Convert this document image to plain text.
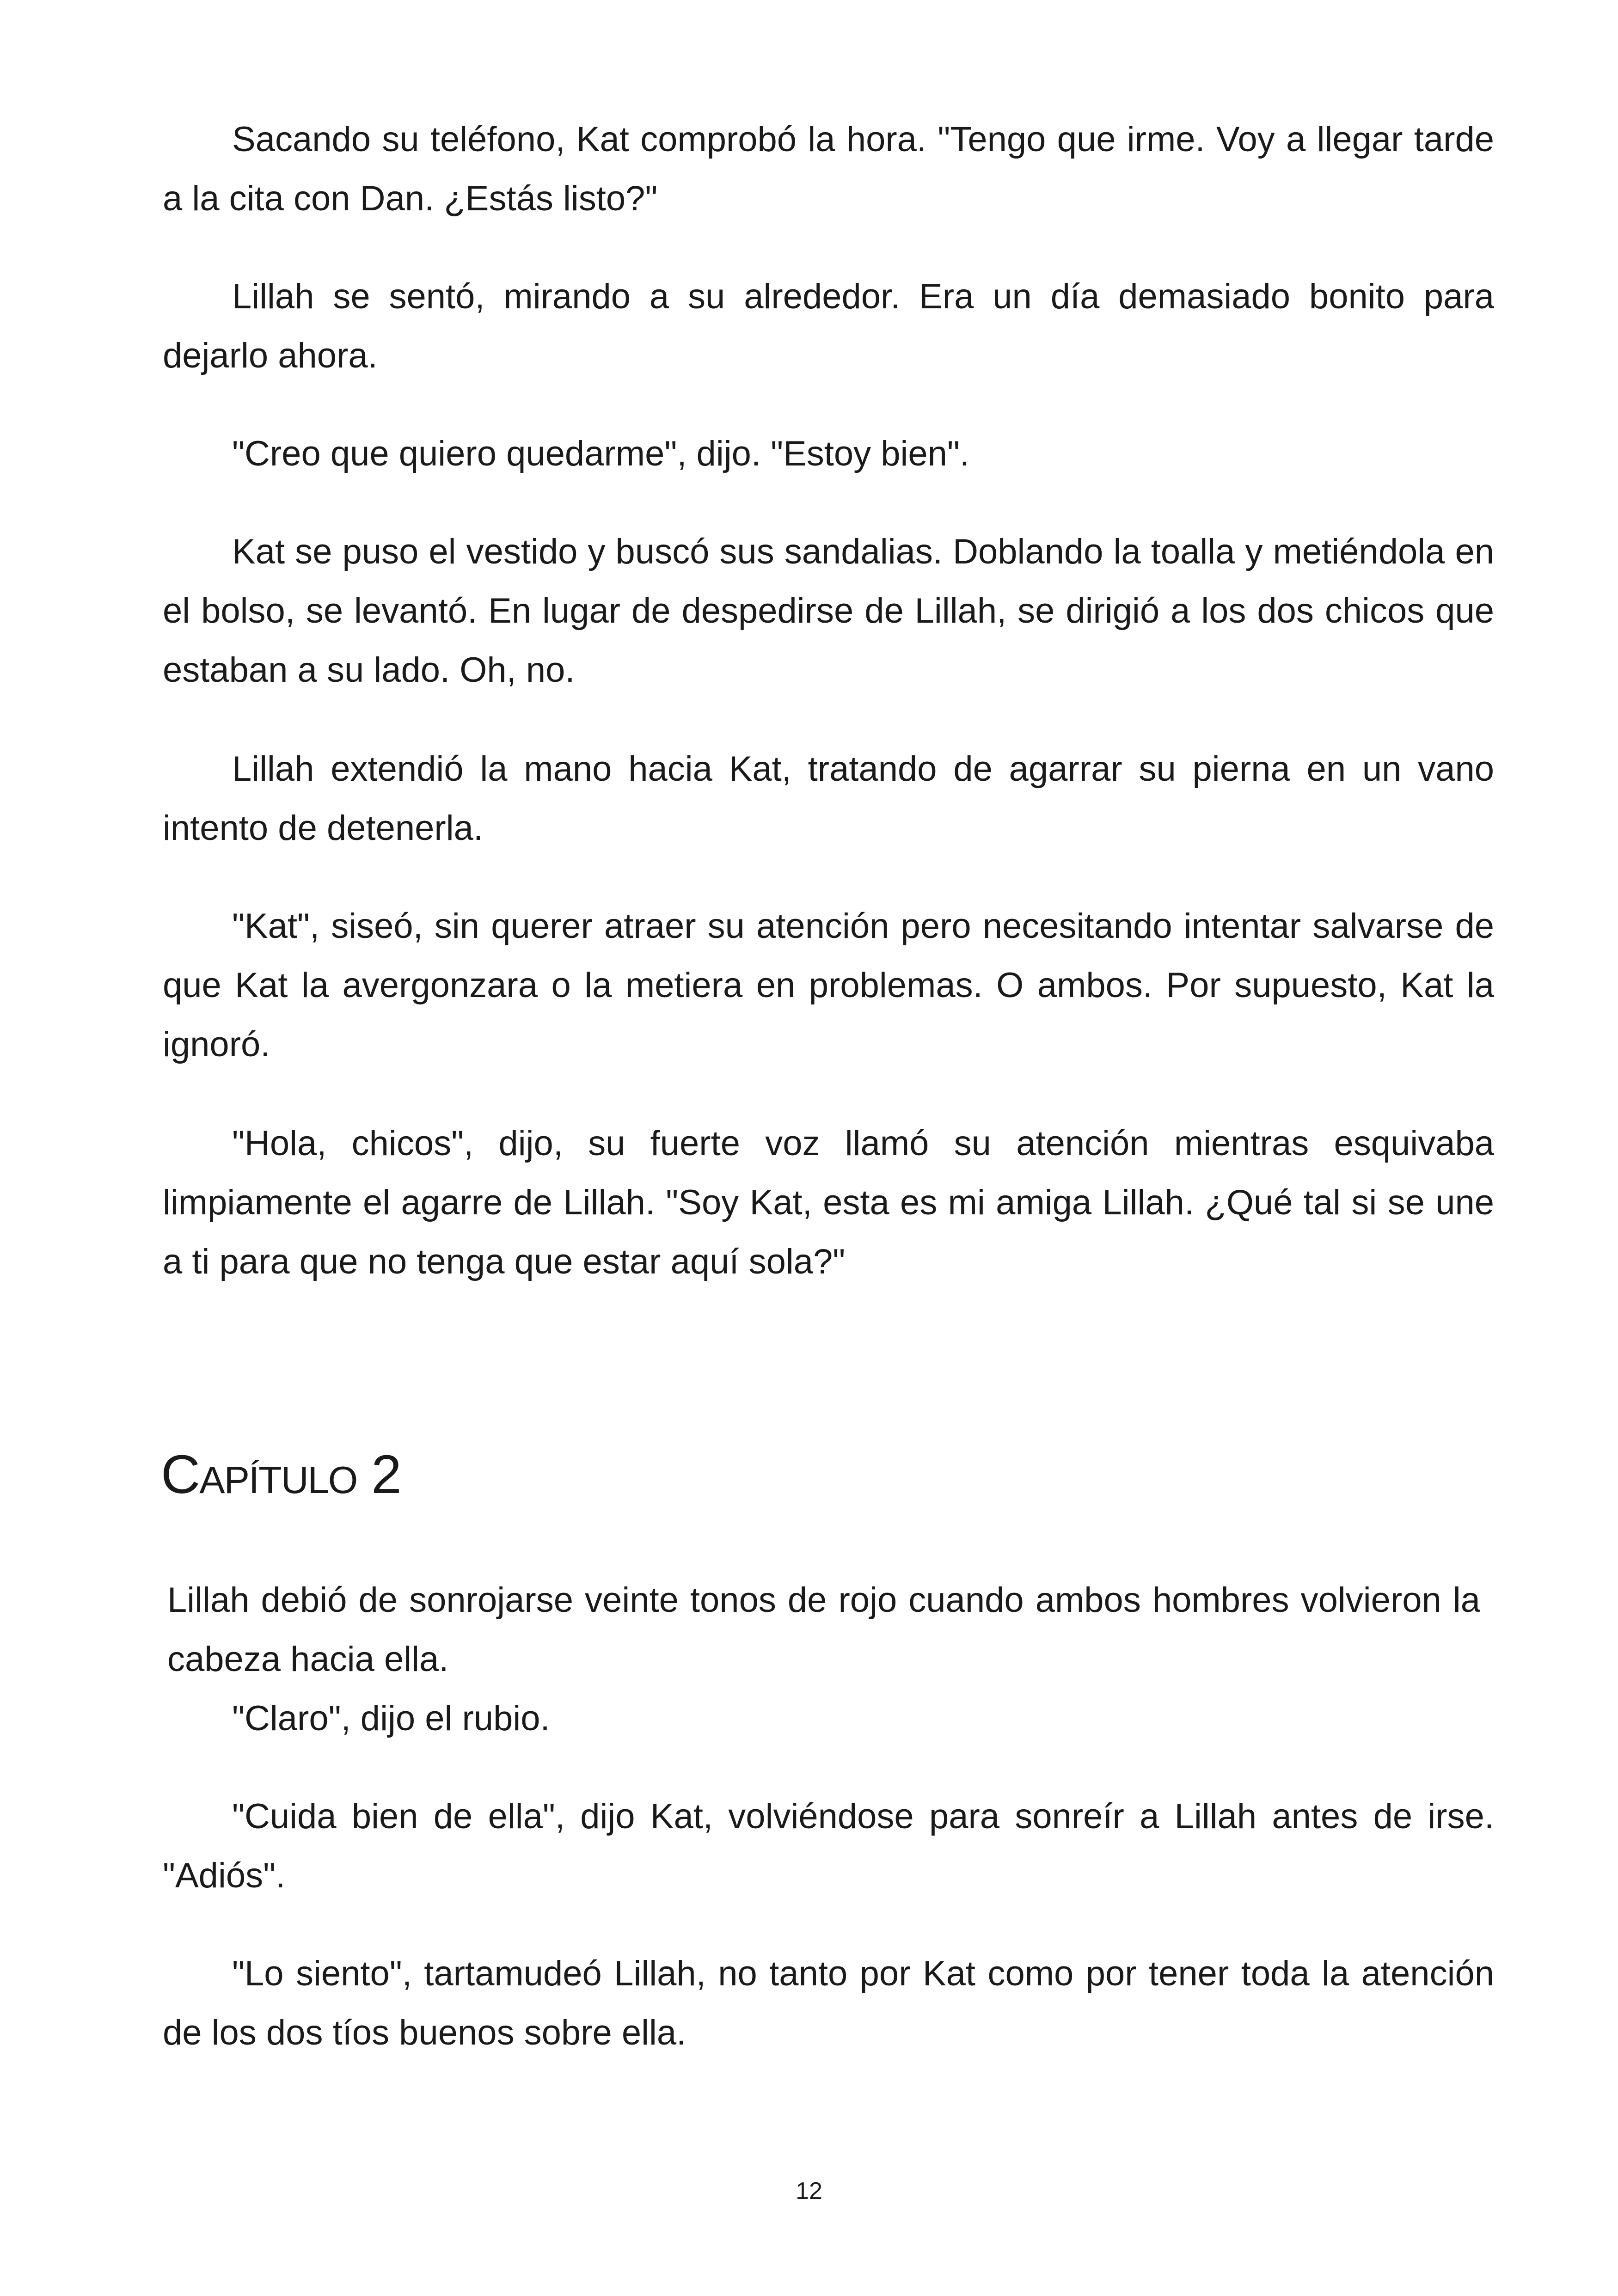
Sacando su teléfono, Kat comprobó la hora. "Tengo que irme. Voy a llegar tarde a la cita con Dan. ¿Estás listo?"

Lillah se sentó, mirando a su alrededor. Era un día demasiado bonito para dejarlo ahora.

"Creo que quiero quedarme", dijo. "Estoy bien".

Kat se puso el vestido y buscó sus sandalias. Doblando la toalla y metiéndola en el bolso, se levantó. En lugar de despedirse de Lillah, se dirigió a los dos chicos que estaban a su lado. Oh, no.

Lillah extendió la mano hacia Kat, tratando de agarrar su pierna en un vano intento de detenerla.

"Kat", siseó, sin querer atraer su atención pero necesitando intentar salvarse de que Kat la avergonzara o la metiera en problemas. O ambos. Por supuesto, Kat la ignoró.

"Hola, chicos", dijo, su fuerte voz llamó su atención mientras esquivaba limpiamente el agarre de Lillah. "Soy Kat, esta es mi amiga Lillah. ¿Qué tal si se une a ti para que no tenga que estar aquí sola?"

Capítulo 2

Lillah debió de sonrojarse veinte tonos de rojo cuando ambos hombres volvieron la cabeza hacia ella.

"Claro", dijo el rubio.

"Cuida bien de ella", dijo Kat, volviéndose para sonreír a Lillah antes de irse. "Adiós".

"Lo siento", tartamudeó Lillah, no tanto por Kat como por tener toda la atención de los dos tíos buenos sobre ella.

12
